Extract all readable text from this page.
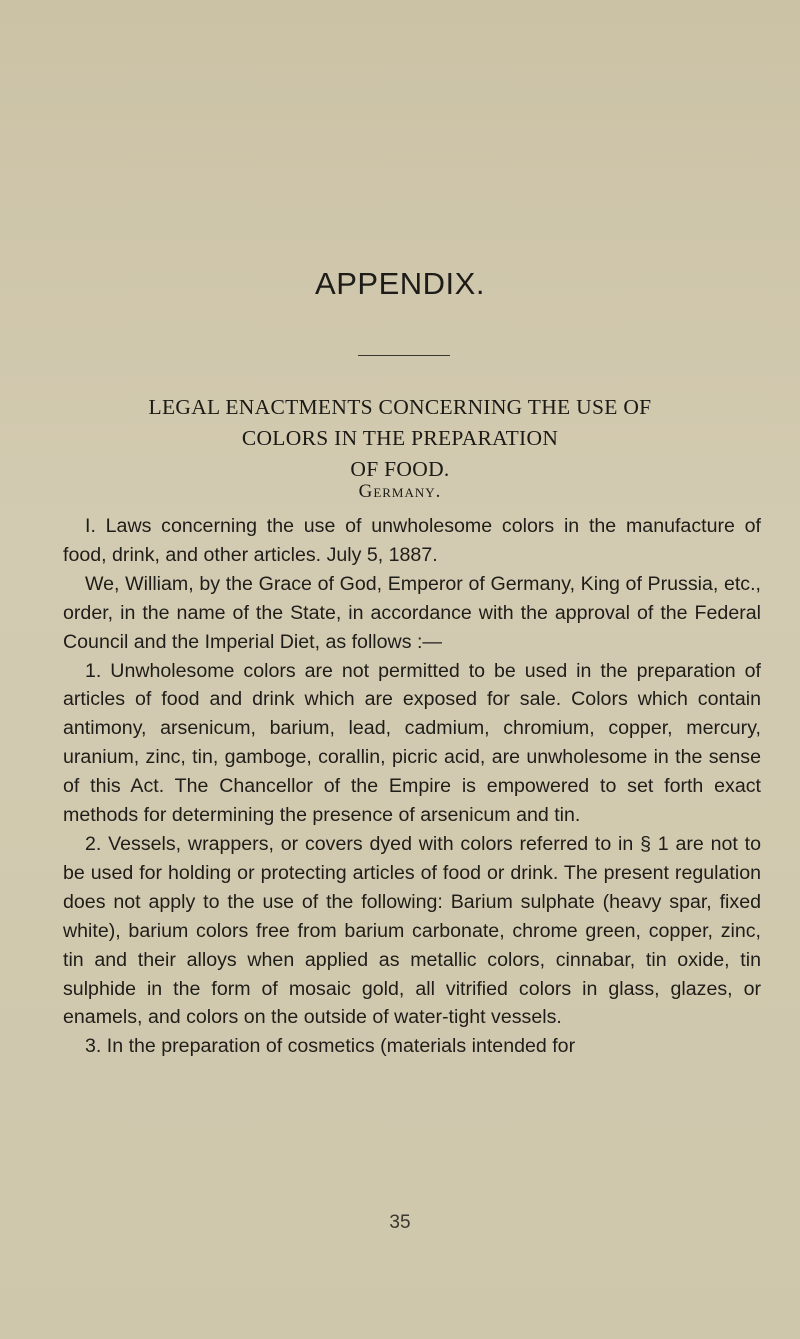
APPENDIX.
LEGAL ENACTMENTS CONCERNING THE USE OF
COLORS IN THE PREPARATION
OF FOOD.
Germany.

I. Laws concerning the use of unwholesome colors in the manufacture of food, drink, and other articles. July 5, 1887.

We, William, by the Grace of God, Emperor of Germany, King of Prussia, etc., order, in the name of the State, in accordance with the approval of the Federal Council and the Imperial Diet, as follows :—

1. Unwholesome colors are not permitted to be used in the preparation of articles of food and drink which are exposed for sale. Colors which contain antimony, arsenicum, barium, lead, cadmium, chromium, copper, mercury, uranium, zinc, tin, gamboge, corallin, picric acid, are unwholesome in the sense of this Act. The Chancellor of the Empire is empowered to set forth exact methods for determining the presence of arsenicum and tin.

2. Vessels, wrappers, or covers dyed with colors referred to in § 1 are not to be used for holding or protecting articles of food or drink. The present regulation does not apply to the use of the following: Barium sulphate (heavy spar, fixed white), barium colors free from barium carbonate, chrome green, copper, zinc, tin and their alloys when applied as metallic colors, cinnabar, tin oxide, tin sulphide in the form of mosaic gold, all vitrified colors in glass, glazes, or enamels, and colors on the outside of water-tight vessels.

3. In the preparation of cosmetics (materials intended for

35
